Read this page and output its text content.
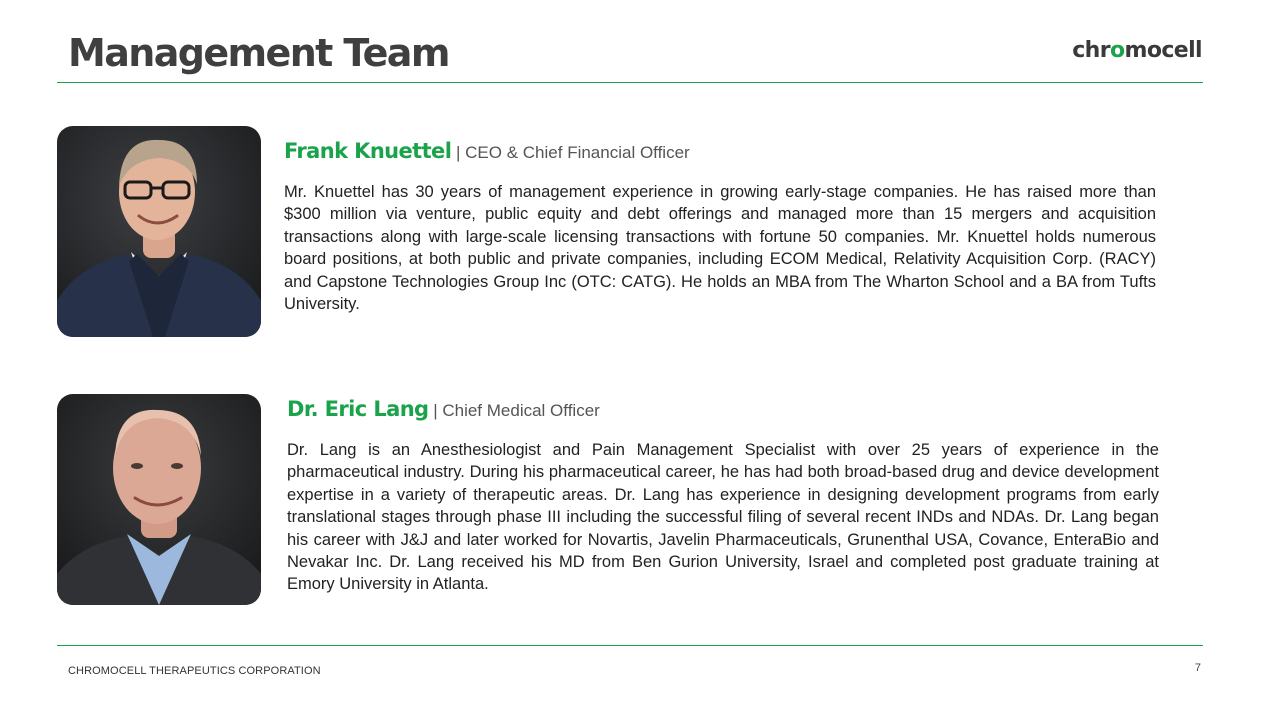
Management Team	chromocell
Frank Knuettel | CEO & Chief Financial Officer

Mr. Knuettel has 30 years of management experience in growing early-stage companies. He has raised more than $300 million via venture, public equity and debt offerings and managed more than 15 mergers and acquisition transactions along with large-scale licensing transactions with fortune 50 companies. Mr. Knuettel holds numerous board positions, at both public and private companies, including ECOM Medical, Relativity Acquisition Corp. (RACY) and Capstone Technologies Group Inc (OTC: CATG). He holds an MBA from The Wharton School and a BA from Tufts University.

Dr. Eric Lang | Chief Medical Officer

Dr. Lang is an Anesthesiologist and Pain Management Specialist with over 25 years of experience in the pharmaceutical industry. During his pharmaceutical career, he has had both broad-based drug and device development expertise in a variety of therapeutic areas. Dr. Lang has experience in designing development programs from early translational stages through phase III including the successful filing of several recent INDs and NDAs. Dr. Lang began his career with J&J and later worked for Novartis, Javelin Pharmaceuticals, Grunenthal USA, Covance, EnteraBio and Nevakar Inc. Dr. Lang received his MD from Ben Gurion University, Israel and completed post graduate training at Emory University in Atlanta.

CHROMOCELL THERAPEUTICS CORPORATION	7
